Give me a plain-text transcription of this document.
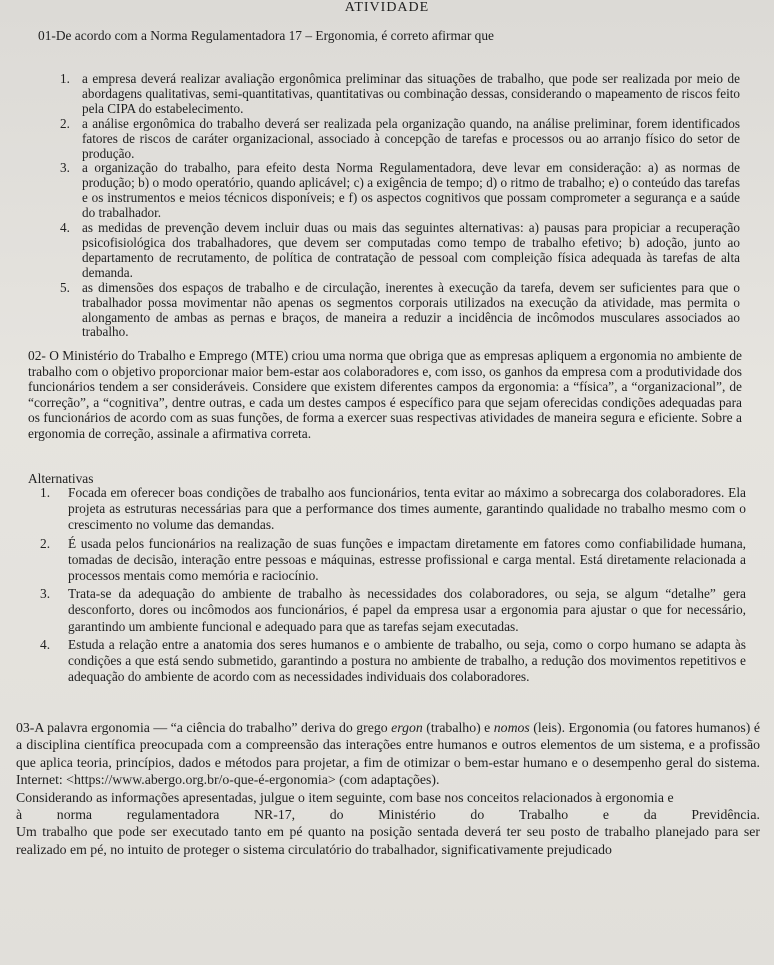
ATIVIDADE
01-De acordo com a Norma Regulamentadora 17 – Ergonomia, é correto afirmar que
1. a empresa deverá realizar avaliação ergonômica preliminar das situações de trabalho, que pode ser realizada por meio de abordagens qualitativas, semi-quantitativas, quantitativas ou combinação dessas, considerando o mapeamento de riscos feito pela CIPA do estabelecimento.
2. a análise ergonômica do trabalho deverá ser realizada pela organização quando, na análise preliminar, forem identificados fatores de riscos de caráter organizacional, associado à concepção de tarefas e processos ou ao arranjo físico do setor de produção.
3. a organização do trabalho, para efeito desta Norma Regulamentadora, deve levar em consideração: a) as normas de produção; b) o modo operatório, quando aplicável; c) a exigência de tempo; d) o ritmo de trabalho; e) o conteúdo das tarefas e os instrumentos e meios técnicos disponíveis; e f) os aspectos cognitivos que possam comprometer a segurança e a saúde do trabalhador.
4. as medidas de prevenção devem incluir duas ou mais das seguintes alternativas: a) pausas para propiciar a recuperação psicofisiológica dos trabalhadores, que devem ser computadas como tempo de trabalho efetivo; b) adoção, junto ao departamento de recrutamento, de política de contratação de pessoal com compleição física adequada às tarefas de alta demanda.
5. as dimensões dos espaços de trabalho e de circulação, inerentes à execução da tarefa, devem ser suficientes para que o trabalhador possa movimentar não apenas os segmentos corporais utilizados na execução da atividade, mas permita o alongamento de ambas as pernas e braços, de maneira a reduzir a incidência de incômodos musculares associados ao trabalho.
02- O Ministério do Trabalho e Emprego (MTE) criou uma norma que obriga que as empresas apliquem a ergonomia no ambiente de trabalho com o objetivo proporcionar maior bem-estar aos colaboradores e, com isso, os ganhos da empresa com a produtividade dos funcionários tendem a ser consideráveis. Considere que existem diferentes campos da ergonomia: a “física”, a “organizacional”, de “correção”, a “cognitiva”, dentre outras, e cada um destes campos é específico para que sejam oferecidas condições adequadas para os funcionários de acordo com as suas funções, de forma a exercer suas respectivas atividades de maneira segura e eficiente. Sobre a ergonomia de correção, assinale a afirmativa correta.
Alternativas
1. Focada em oferecer boas condições de trabalho aos funcionários, tenta evitar ao máximo a sobrecarga dos colaboradores. Ela projeta as estruturas necessárias para que a performance dos times aumente, garantindo qualidade no trabalho mesmo com o crescimento no volume das demandas.
2. É usada pelos funcionários na realização de suas funções e impactam diretamente em fatores como confiabilidade humana, tomadas de decisão, interação entre pessoas e máquinas, estresse profissional e carga mental. Está diretamente relacionada a processos mentais como memória e raciocínio.
3. Trata-se da adequação do ambiente de trabalho às necessidades dos colaboradores, ou seja, se algum “detalhe” gera desconforto, dores ou incômodos aos funcionários, é papel da empresa usar a ergonomia para ajustar o que for necessário, garantindo um ambiente funcional e adequado para que as tarefas sejam executadas.
4. Estuda a relação entre a anatomia dos seres humanos e o ambiente de trabalho, ou seja, como o corpo humano se adapta às condições a que está sendo submetido, garantindo a postura no ambiente de trabalho, a redução dos movimentos repetitivos e adequação do ambiente de acordo com as necessidades individuais dos colaboradores.
03-A palavra ergonomia — “a ciência do trabalho” deriva do grego ergon (trabalho) e nomos (leis). Ergonomia (ou fatores humanos) é a disciplina científica preocupada com a compreensão das interações entre humanos e outros elementos de um sistema, e a profissão que aplica teoria, princípios, dados e métodos para projetar, a fim de otimizar o bem-estar humano e o desempenho geral do sistema. Internet: <https://www.abergo.org.br/o-que-é-ergonomia> (com adaptações).
Considerando as informações apresentadas, julgue o item seguinte, com base nos conceitos relacionados à ergonomia e
à	norma	regulamentadora	NR-17,	do	Ministério	do	Trabalho	e	da	Previdência.
Um trabalho que pode ser executado tanto em pé quanto na posição sentada deverá ter seu posto de trabalho planejado para ser realizado em pé, no intuito de proteger o sistema circulatório do trabalhador, significativamente prejudicado
